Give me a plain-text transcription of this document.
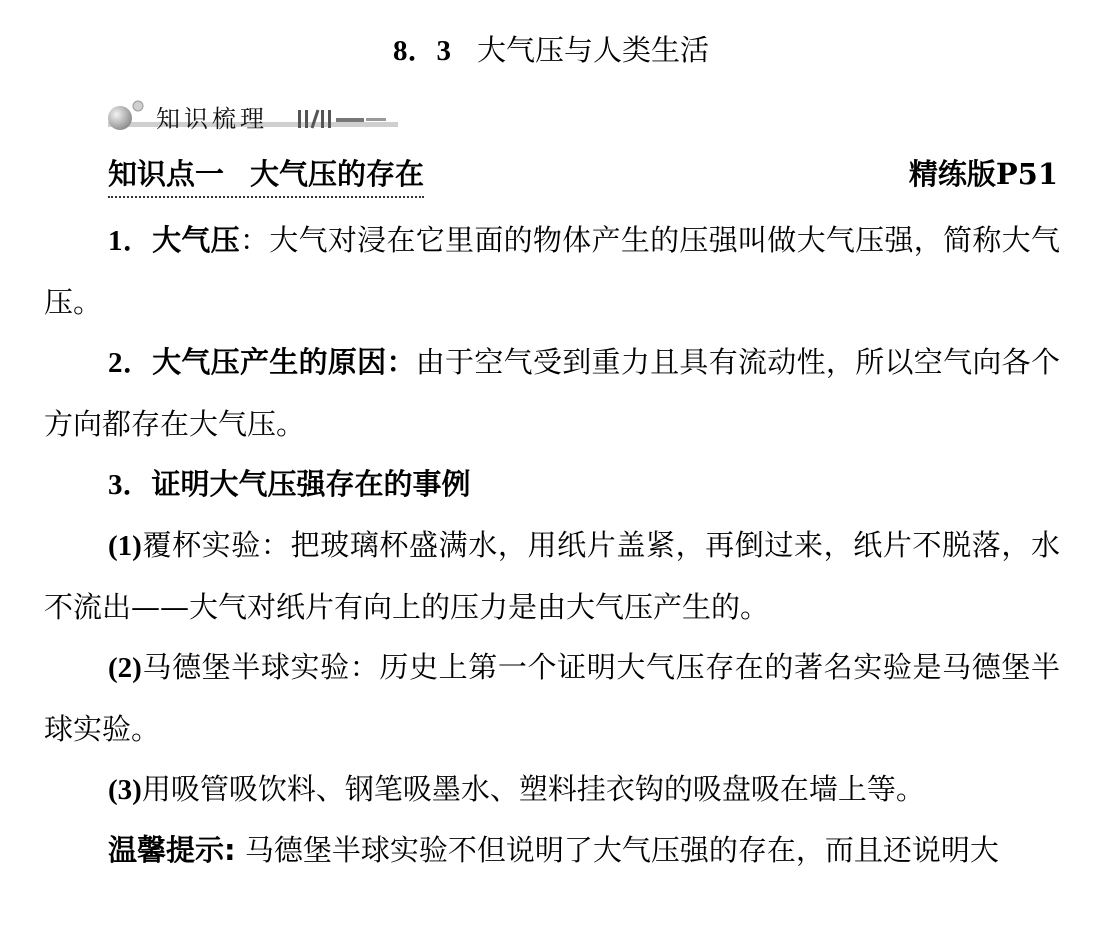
8．3 大气压与人类生活
知识梳理
知识点一 大气压的存在	精练版P51
1．大气压：大气对浸在它里面的物体产生的压强叫做大气压强，简称大气压。
2．大气压产生的原因：由于空气受到重力且具有流动性，所以空气向各个方向都存在大气压。
3．证明大气压强存在的事例
(1)覆杯实验：把玻璃杯盛满水，用纸片盖紧，再倒过来，纸片不脱落，水不流出——大气对纸片有向上的压力是由大气压产生的。
(2)马德堡半球实验：历史上第一个证明大气压存在的著名实验是马德堡半球实验。
(3)用吸管吸饮料、钢笔吸墨水、塑料挂衣钩的吸盘吸在墙上等。
温馨提示: 马德堡半球实验不但说明了大气压强的存在，而且还说明大
